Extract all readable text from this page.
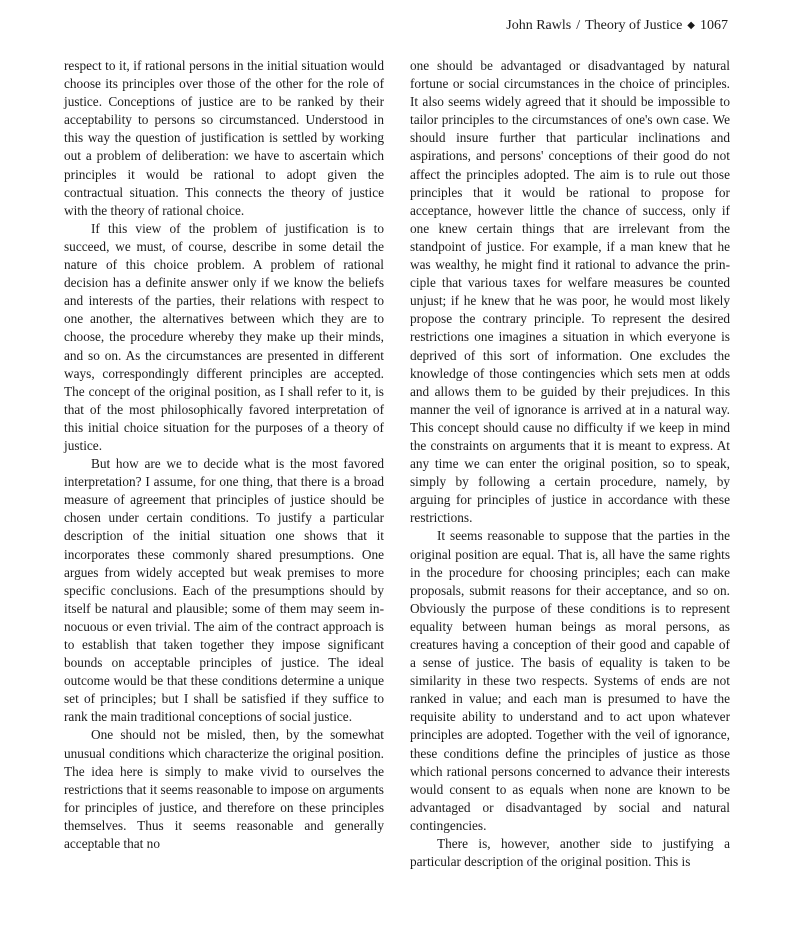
John Rawls / Theory of Justice ◆ 1067

respect to it, if rational persons in the initial situation would choose its principles over those of the other for the role of justice. Conceptions of justice are to be ranked by their acceptability to persons so circumstanced. Understood in this way the question of justification is settled by working out a problem of deliberation: we have to ascertain which principles it would be rational to adopt given the contractual situation. This connects the theory of justice with the theory of rational choice.

If this view of the problem of justification is to succeed, we must, of course, describe in some detail the nature of this choice problem. A problem of rational decision has a definite answer only if we know the beliefs and interests of the parties, their relations with respect to one another, the alternatives between which they are to choose, the procedure whereby they make up their minds, and so on. As the circumstances are presented in different ways, correspondingly different principles are accepted. The concept of the original position, as I shall refer to it, is that of the most philosophically favored interpretation of this initial choice situation for the purposes of a theory of justice.

But how are we to decide what is the most favored interpretation? I assume, for one thing, that there is a broad measure of agreement that principles of justice should be chosen under certain conditions. To justify a particular description of the initial situation one shows that it incorporates these commonly shared presumptions. One argues from widely accepted but weak premises to more specific conclusions. Each of the presumptions should by itself be natural and plausible; some of them may seem innocuous or even trivial. The aim of the contract approach is to establish that taken together they impose significant bounds on acceptable principles of justice. The ideal outcome would be that these conditions determine a unique set of principles; but I shall be satisfied if they suffice to rank the main traditional conceptions of social justice.

One should not be misled, then, by the somewhat unusual conditions which characterize the original position. The idea here is simply to make vivid to ourselves the restrictions that it seems reasonable to impose on arguments for principles of justice, and therefore on these principles themselves. Thus it seems reasonable and generally acceptable that no

one should be advantaged or disadvantaged by natural fortune or social circumstances in the choice of principles. It also seems widely agreed that it should be impossible to tailor principles to the circumstances of one's own case. We should insure further that particular inclinations and aspirations, and persons' conceptions of their good do not affect the principles adopted. The aim is to rule out those principles that it would be rational to propose for acceptance, however little the chance of success, only if one knew certain things that are irrelevant from the standpoint of justice. For example, if a man knew that he was wealthy, he might find it rational to advance the principle that various taxes for welfare measures be counted unjust; if he knew that he was poor, he would most likely propose the contrary principle. To represent the desired restrictions one imagines a situation in which everyone is deprived of this sort of information. One excludes the knowledge of those contingencies which sets men at odds and allows them to be guided by their prejudices. In this manner the veil of ignorance is arrived at in a natural way. This concept should cause no difficulty if we keep in mind the constraints on arguments that it is meant to express. At any time we can enter the original position, so to speak, simply by following a certain procedure, namely, by arguing for principles of justice in accordance with these restrictions.

It seems reasonable to suppose that the parties in the original position are equal. That is, all have the same rights in the procedure for choosing principles; each can make proposals, submit reasons for their acceptance, and so on. Obviously the purpose of these conditions is to represent equality between human beings as moral persons, as creatures having a conception of their good and capable of a sense of justice. The basis of equality is taken to be similarity in these two respects. Systems of ends are not ranked in value; and each man is presumed to have the requisite ability to understand and to act upon whatever principles are adopted. Together with the veil of ignorance, these conditions define the principles of justice as those which rational persons concerned to advance their interests would consent to as equals when none are known to be advantaged or disadvantaged by social and natural contingencies.

There is, however, another side to justifying a particular description of the original position. This is
